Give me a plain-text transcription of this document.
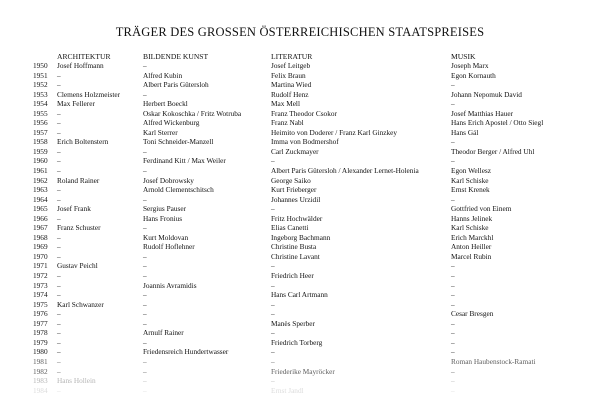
TRÄGER DES GROSSEN ÖSTERREICHISCHEN STAATSPREISES
ARCHITEKTUR	BILDENDE KUNST	LITERATUR	MUSIK
1950 Josef Hoffmann	–	Josef Leitgeb	Joseph Marx
1951 –	Alfred Kubin	Felix Braun	Egon Kornauth
1952 –	Albert Paris Gütersloh	Martina Wied	–
1953 Clemens Holzmeister	–	Rudolf Henz	Johann Nepomuk David
1954 Max Fellerer	Herbert Boeckl	Max Mell	–
1955 –	Oskar Kokoschka / Fritz Wotruba	Franz Theodor Csokor	Josef Matthias Hauer
1956 –	Alfred Wickenburg	Franz Nabl	Hans Erich Apostel / Otto Siegl
1957 –	Karl Sterrer	Heimito von Doderer / Franz Karl Ginzkey	Hans Gál
1958 Erich Boltenstern	Toni Schneider-Manzell	Imma von Bodmershof	–
1959 –	–	Carl Zuckmayer	Theodor Berger / Alfred Uhl
1960 –	Ferdinand Kitt / Max Weiler	–	–
1961 –	–	Albert Paris Gütersloh / Alexander Lernet-Holenia	Egon Wellesz
1962 Roland Rainer	Josef Dobrowsky	George Saiko	Karl Schiske
1963 –	Arnold Clementschitsch	Kurt Frieberger	Ernst Krenek
1964 –	–	Johannes Urzidil	–
1965 Josef Frank	Sergius Pauser	–	Gottfried von Einem
1966 –	Hans Fronius	Fritz Hochwälder	Hanns Jelinek
1967 Franz Schuster	–	Elias Canetti	Karl Schiske
1968 –	Kurt Moldovan	Ingeborg Bachmann	Erich Marckhl
1969 –	Rudolf Hoflehner	Christine Busta	Anton Heiller
1970 –	–	Christine Lavant	Marcel Rubin
1971 Gustav Peichl	–	–	–
1972 –	–	Friedrich Heer	–
1973 –	Joannis Avramidis	–	–
1974 –	–	Hans Carl Artmann	–
1975 Karl Schwanzer	–	–	–
1976 –	–	–	Cesar Bresgen
1977 –	–	Manès Sperber	–
1978 –	Arnulf Rainer	–	–
1979 –	–	Friedrich Torberg	–
1980 –	Friedensreich Hundertwasser	–	–
1981 –	–	–	Roman Haubenstock-Ramati
1982 –	–	Friederike Mayröcker	–
1983 Hans Hollein	–	–	–
1984 –	–	Ernst Jandl	–
